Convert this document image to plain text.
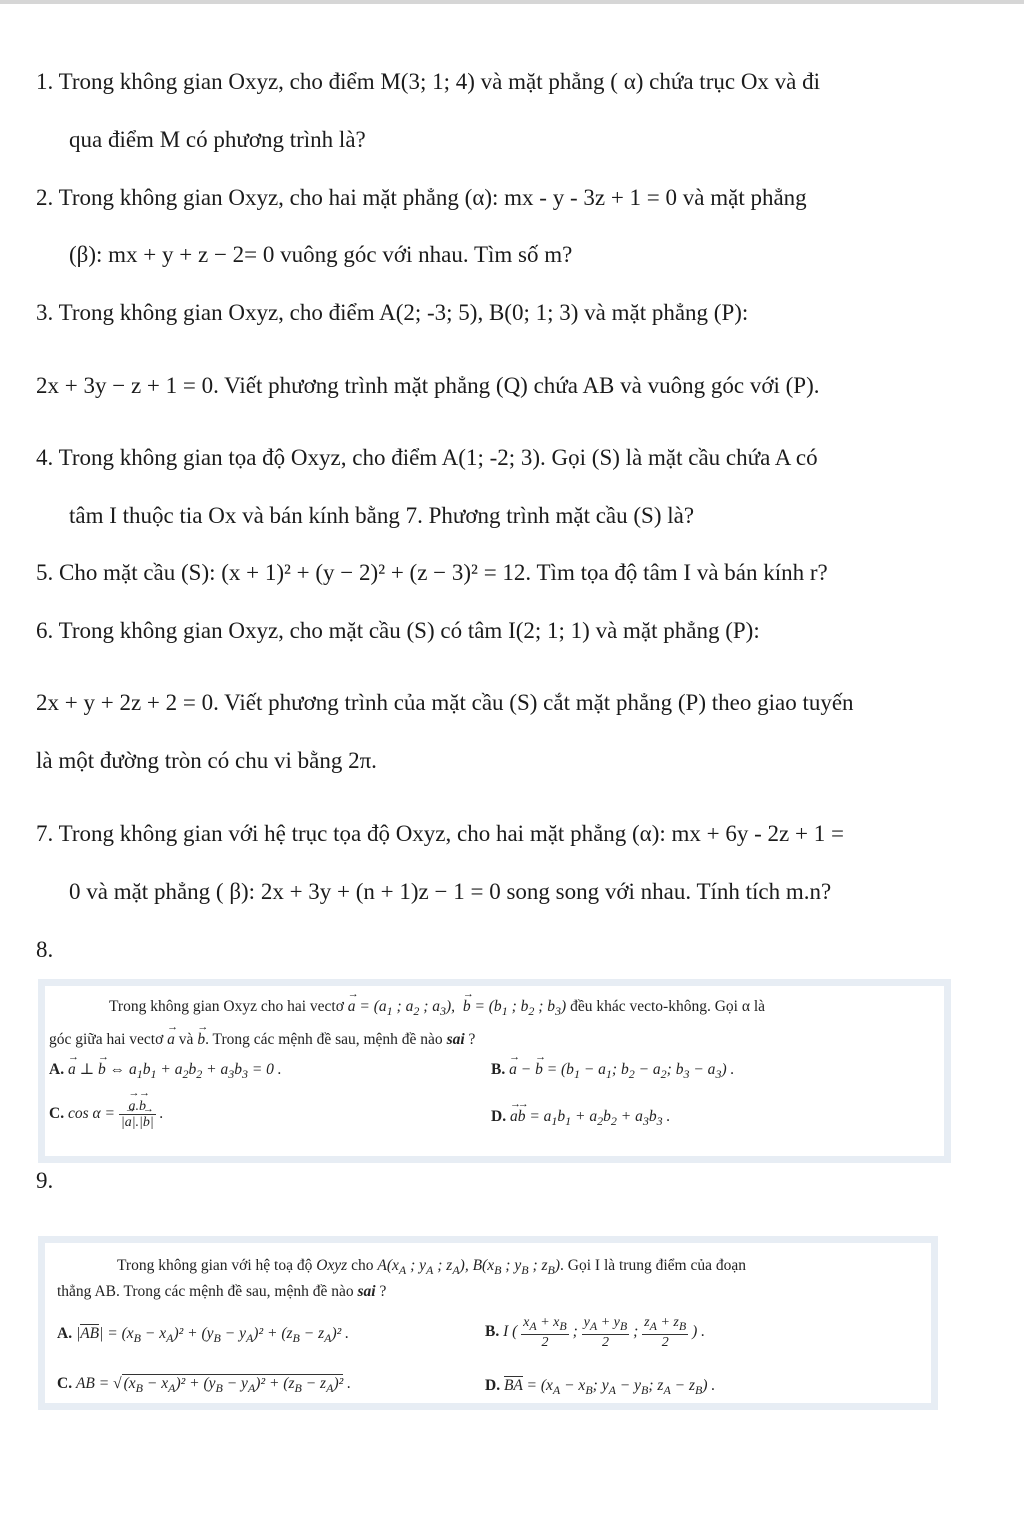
1. Trong không gian Oxyz, cho điểm M(3; 1; 4) và mặt phẳng ( α) chứa trục Ox và đi
qua điểm M có phương trình là?
2. Trong không gian Oxyz, cho hai mặt phẳng (α): mx - y - 3z + 1 = 0 và mặt phẳng
(β): mx + y + z − 2= 0 vuông góc với nhau. Tìm số m?
3. Trong không gian Oxyz, cho điểm A(2; -3; 5), B(0; 1; 3) và mặt phẳng (P):
2x + 3y − z + 1 = 0. Viết phương trình mặt phẳng (Q) chứa AB và vuông góc với (P).
4. Trong không gian tọa độ Oxyz, cho điểm A(1; -2; 3). Gọi (S) là mặt cầu chứa A có
tâm I thuộc tia Ox và bán kính bằng 7. Phương trình mặt cầu (S) là?
5. Cho mặt cầu (S): (x + 1)² + (y − 2)² + (z − 3)² = 12. Tìm tọa độ tâm I và bán kính r?
6. Trong không gian Oxyz, cho mặt cầu (S) có tâm I(2; 1; 1) và mặt phẳng (P):
2x + y + 2z + 2 = 0. Viết phương trình của mặt cầu (S) cắt mặt phẳng (P) theo giao tuyến
là một đường tròn có chu vi bằng 2π.
7. Trong không gian với hệ trục tọa độ Oxyz, cho hai mặt phẳng (α): mx + 6y - 2z + 1 =
0 và mặt phẳng ( β): 2x + 3y + (n + 1)z − 1 = 0 song song với nhau. Tính tích m.n?
8.
Trong không gian Oxyz cho hai vectơ → $a = (a_1$ ; $a_2$ ; $a_3$),  → $b = (b_1$ ; $b_2$ ; $b_3$) đều khác vecto-không. Gọi α là
góc giữa hai vectơ → a và → b. Trong các mệnh đề sau, mệnh đề nào sai ?
A. → a ⊥ → b ⇔ $a_1b_1 + a_2b_2 + a_3b_3 = 0$ .	B. → a − → $b = (b_1 - a_1$; $b_2 - a_2$; $b_3 - a_3$) .
C. cos α = → $\frac{a.\to b}{|\to a|.|\to b|}$ .	D. → $a\to b = a_1b_1 + a_2b_2 + a_3b_3$ .
9.
Trong không gian với hệ toạ độ Oxyz cho $A(x_A$ ; $y_A$ ; $z_A$), $B(x_B$ ; $y_B$ ; $z_B$). Gọi I là trung điểm của đoạn
thẳng AB. Trong các mệnh đề sau, mệnh đề nào sai ?
A. $|AB| = (x_B - x_A)^2 + (y_B - y_A)^2 + (z_B - z_A)^2$ .	B. I ( $\frac{x_A + x_B}{2}$ ; $\frac{y_A + y_B}{2}$ ; $\frac{z_A + z_B}{2}$ ) .
C. AB = √ $(x_B - x_A)^2 + (y_B - y_A)^2 + (z_B - z_A)^2$ .	D. BA = ($x_A - x_B$; $y_A - y_B$; $z_A - z_B$) .
